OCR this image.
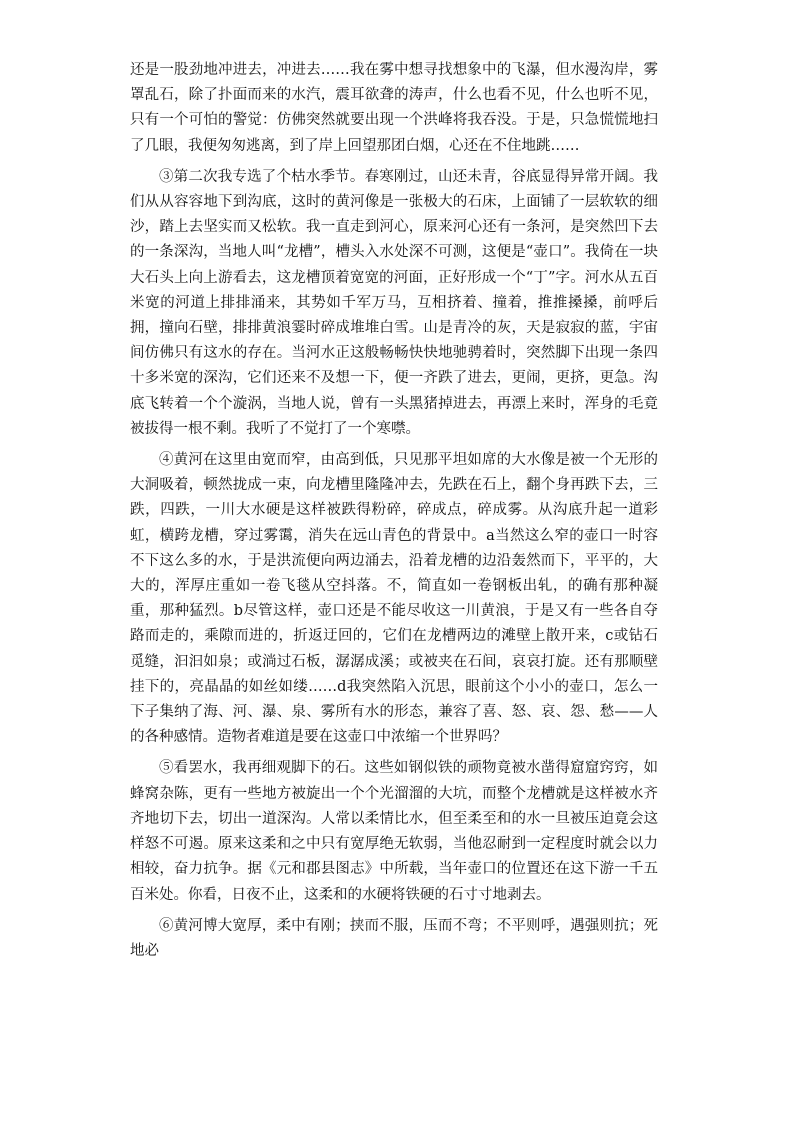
还是一股劲地冲进去，冲进去……我在雾中想寻找想象中的飞瀑，但水漫沟岸，雾罩乱石，除了扑面而来的水汽，震耳欲聋的涛声，什么也看不见，什么也听不见，只有一个可怕的警觉：仿佛突然就要出现一个洪峰将我吞没。于是，只急慌慌地扫了几眼，我便匆匆逃离，到了岸上回望那团白烟，心还在不住地跳……

③第二次我专选了个枯水季节。春寒刚过，山还未青，谷底显得异常开阔。我们从从容容地下到沟底，这时的黄河像是一张极大的石床，上面铺了一层软软的细沙，踏上去坚实而又松软。我一直走到河心，原来河心还有一条河，是突然凹下去的一条深沟，当地人叫“龙槽”，槽头入水处深不可测，这便是“壶口”。我倚在一块大石头上向上游看去，这龙槽顶着宽宽的河面，正好形成一个“丁”字。河水从五百米宽的河道上排排涌来，其势如千军万马，互相挤着、撞着，推推搡搡，前呼后拥，撞向石壁，排排黄浪霎时碎成堆堆白雪。山是青冷的灰，天是寂寂的蓝，宇宙间仿佛只有这水的存在。当河水正这般畅畅快快地驰骋着时，突然脚下出现一条四十多米宽的深沟，它们还来不及想一下，便一齐跌了进去，更闹，更挤，更急。沟底飞转着一个个漩涡，当地人说，曾有一头黑猪掉进去，再漂上来时，浑身的毛竟被拔得一根不剩。我听了不觉打了一个寒噤。

④黄河在这里由宽而窄，由高到低，只见那平坦如席的大水像是被一个无形的大洞吸着，顿然拢成一束，向龙槽里隆隆冲去，先跌在石上，翻个身再跌下去，三跌，四跌，一川大水硬是这样被跌得粉碎，碎成点，碎成雾。从沟底升起一道彩虹，横跨龙槽，穿过雾霭，消失在远山青色的背景中。a当然这么窄的壶口一时容不下这么多的水，于是洪流便向两边涌去，沿着龙槽的边沿轰然而下，平平的，大大的，浑厚庄重如一卷飞毯从空抖落。不，简直如一卷钢板出轧，的确有那种凝重，那种猛烈。b尽管这样，壶口还是不能尽收这一川黄浪，于是又有一些各自夺路而走的，乘隙而进的，折返迂回的，它们在龙槽两边的滩壁上散开来，c或钻石觅缝，汩汩如泉；或淌过石板，潺潺成溪；或被夹在石间，哀哀打旋。还有那顺壁挂下的，亮晶晶的如丝如缕……d我突然陷入沉思，眼前这个小小的壶口，怎么一下子集纳了海、河、瀑、泉、雾所有水的形态，兼容了喜、怒、哀、怨、愁——人的各种感情。造物者难道是要在这壶口中浓缩一个世界吗？

⑤看罢水，我再细观脚下的石。这些如钢似铁的顽物竟被水凿得窟窟窍窍，如蜂窝杂陈，更有一些地方被旋出一个个光溜溜的大坑，而整个龙槽就是这样被水齐齐地切下去，切出一道深沟。人常以柔情比水，但至柔至和的水一旦被压迫竟会这样怒不可遏。原来这柔和之中只有宽厚绝无软弱，当他忍耐到一定程度时就会以力相较，奋力抗争。据《元和郡县图志》中所载，当年壶口的位置还在这下游一千五百米处。你看，日夜不止，这柔和的水硬将铁硬的石寸寸地剥去。

⑥黄河博大宽厚，柔中有刚；挟而不服，压而不弯；不平则呼，遇强则抗；死地必
